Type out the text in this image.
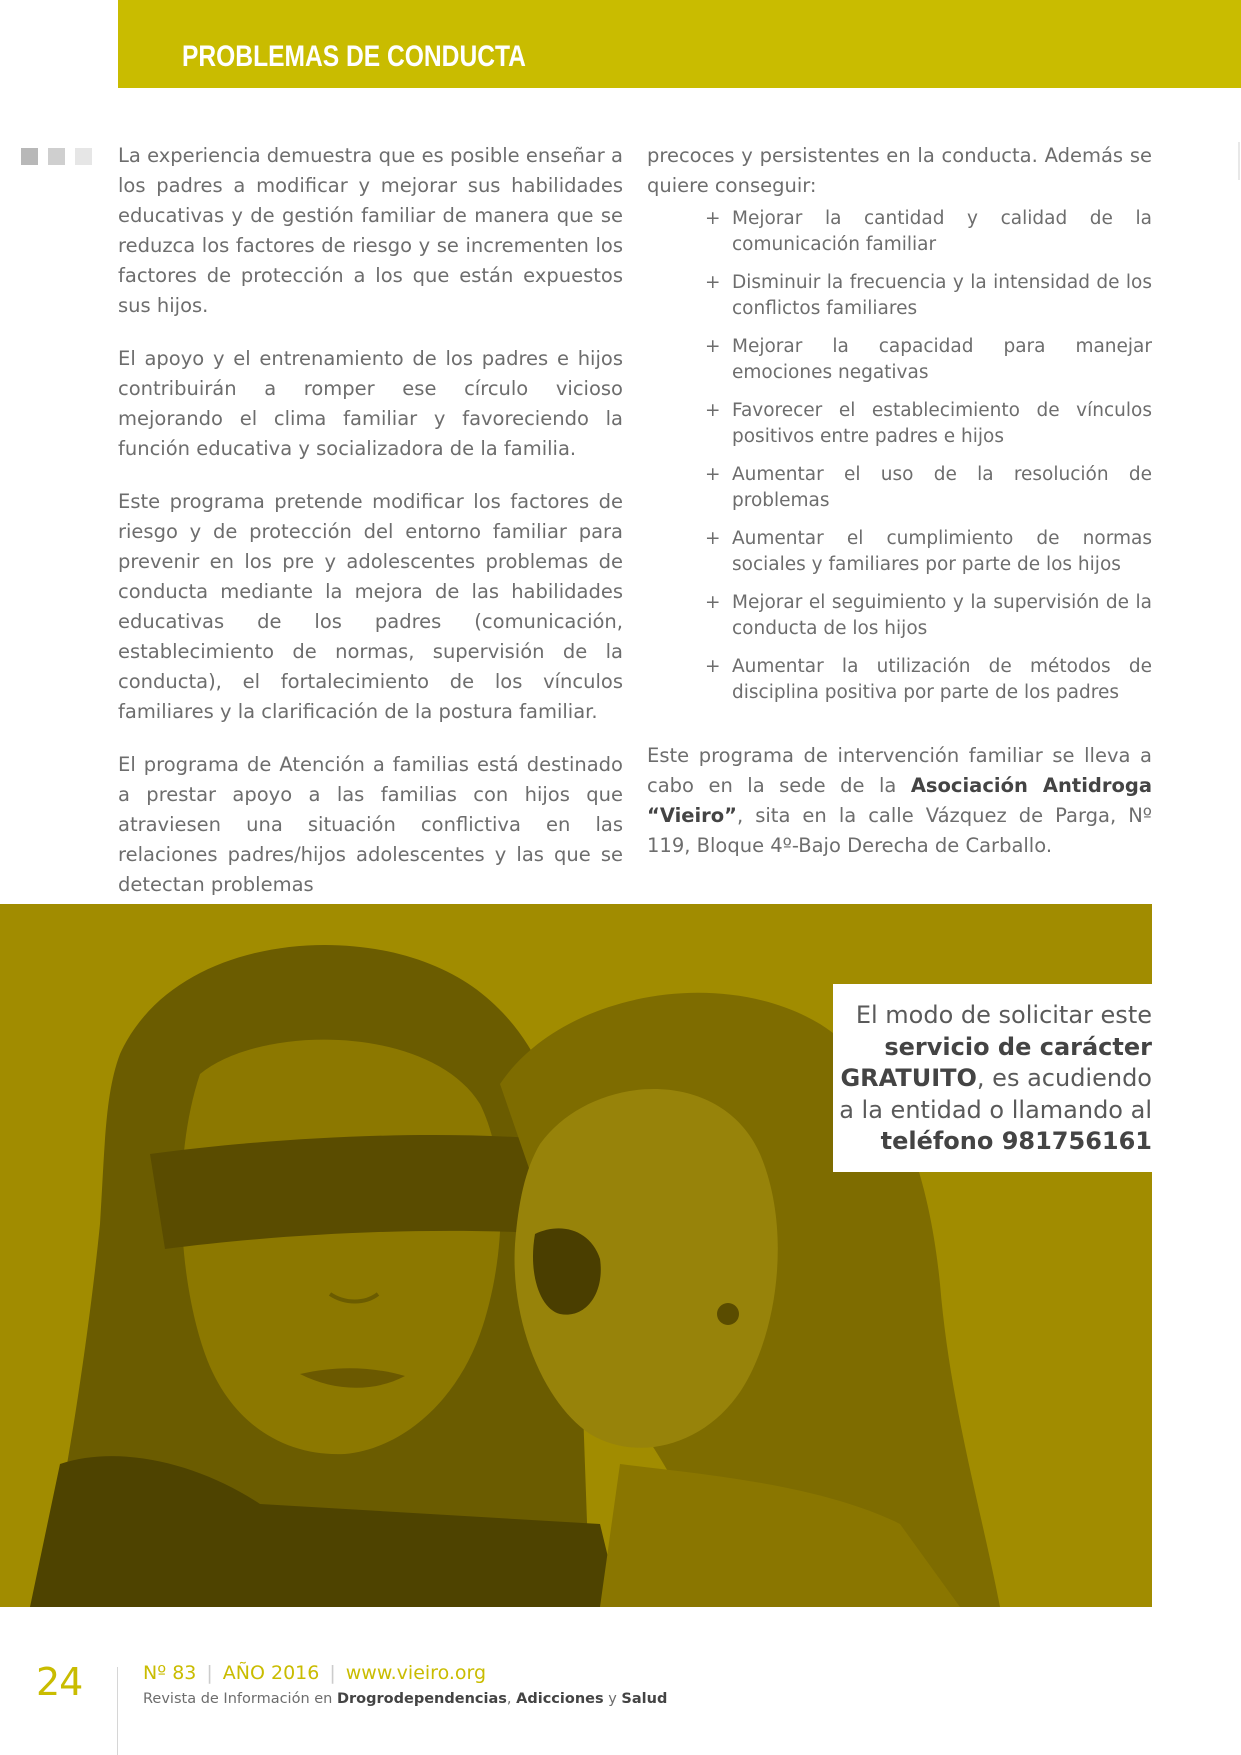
PROBLEMAS DE CONDUCTA

La experiencia demuestra que es posible enseñar a los padres a modificar y mejorar sus habilidades educativas y de gestión familiar de manera que se reduzca los factores de riesgo y se incrementen los factores de protección a los que están expuestos sus hijos.

El apoyo y el entrenamiento de los padres e hijos contribuirán a romper ese círculo vicioso mejorando el clima familiar y favoreciendo la función educativa y socializadora de la familia.

Este programa pretende modificar los factores de riesgo y de protección del entorno familiar para prevenir en los pre y adolescentes problemas de conducta mediante la mejora de las habilidades educativas de los padres (comunicación, establecimiento de normas, supervisión de la conducta), el fortalecimiento de los vínculos familiares y la clarificación de la postura familiar.

El programa de Atención a familias está destinado a prestar apoyo a las familias con hijos que atraviesen una situación conflictiva en las relaciones padres/hijos adolescentes y las que se detectan problemas

precoces y persistentes en la conducta. Además se quiere conseguir:

+ Mejorar la cantidad y calidad de la comunicación familiar
+ Disminuir la frecuencia y la intensidad de los conflictos familiares
+ Mejorar la capacidad para manejar emociones negativas
+ Favorecer el establecimiento de vínculos positivos entre padres e hijos
+ Aumentar el uso de la resolución de problemas
+ Aumentar el cumplimiento de normas sociales y familiares por parte de los hijos
+ Mejorar el seguimiento y la supervisión de la conducta de los hijos
+ Aumentar la utilización de métodos de disciplina positiva por parte de los padres

Este programa de intervención familiar se lleva a cabo en la sede de la Asociación Antidroga “Vieiro”, sita en la calle Vázquez de Parga, Nº 119, Bloque 4º-Bajo Derecha de Carballo.

El modo de solicitar este servicio de carácter GRATUITO, es acudiendo a la entidad o llamando al teléfono 981756161
24	Nº 83 | AÑO 2016 | www.vieiro.org
Revista de Información en Drogrodependencias, Adicciones y Salud
